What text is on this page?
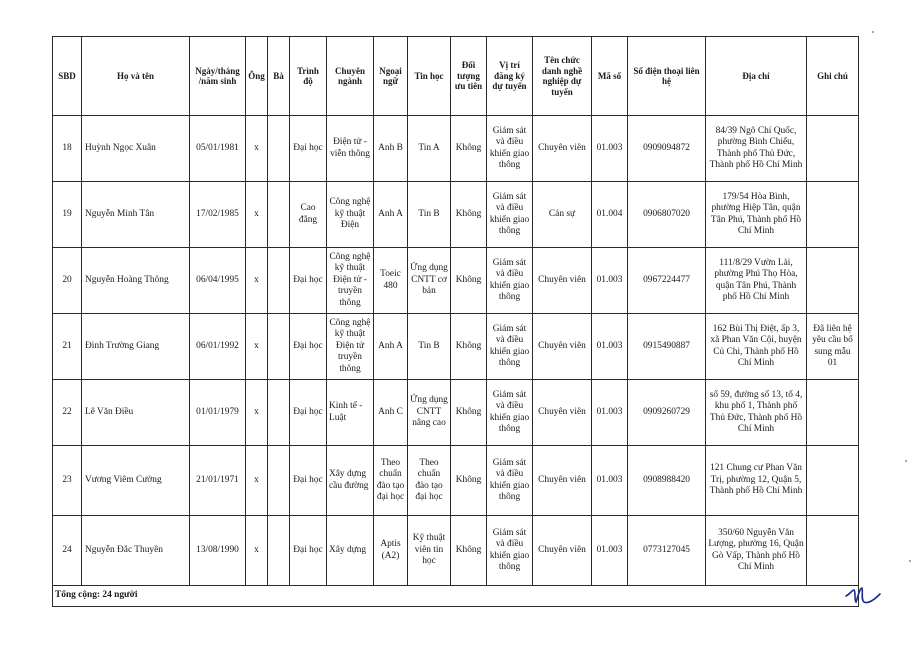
SBD	Họ và tên	Ngày/tháng /năm sinh	Ông	Bà	Trình độ	Chuyên ngành	Ngoại ngữ	Tin học	Đối tượng ưu tiên	Vị trí đăng ký dự tuyển	Tên chức danh nghề nghiệp dự tuyển	Mã số	Số điện thoại liên hệ	Địa chỉ	Ghi chú
18	Huỳnh Ngọc Xuân	05/01/1981	x		Đại học	Điện tử - viễn thông	Anh B	Tin A	Không	Giám sát và điều khiển giao thông	Chuyên viên	01.003	0909094872	84/39 Ngô Chí Quốc, phường Bình Chiểu, Thành phố Thủ Đức, Thành phố Hồ Chí Minh	
19	Nguyễn Minh Tân	17/02/1985	x		Cao đẳng	Công nghệ kỹ thuật Điện	Anh A	Tin B	Không	Giám sát và điều khiển giao thông	Cán sự	01.004	0906807020	179/54 Hòa Bình, phường Hiệp Tân, quận Tân Phú, Thành phố Hồ Chí Minh	
20	Nguyễn Hoàng Thông	06/04/1995	x		Đại học	Công nghệ kỹ thuật Điện tử - truyền thông	Toeic 480	Ứng dụng CNTT cơ bản	Không	Giám sát và điều khiển giao thông	Chuyên viên	01.003	0967224477	111/8/29 Vườn Lài, phường Phú Thọ Hòa, quận Tân Phú, Thành phố Hồ Chí Minh	
21	Đinh Trường Giang	06/01/1992	x		Đại học	Công nghệ kỹ thuật Điện tử truyền thông	Anh A	Tin B	Không	Giám sát và điều khiển giao thông	Chuyên viên	01.003	0915490887	162 Bùi Thị Điệt, ấp 3, xã Phan Văn Cội, huyện Củ Chi, Thành phố Hồ Chí Minh	Đã liên hệ yêu cầu bổ sung mẫu 01
22	Lê Văn Điều	01/01/1979	x		Đại học	Kinh tế - Luật	Anh C	Ứng dụng CNTT nâng cao	Không	Giám sát và điều khiển giao thông	Chuyên viên	01.003	0909260729	số 59, đường số 13, tổ 4, khu phố 1, Thành phố Thủ Đức, Thành phố Hồ Chí Minh	
23	Vương Viêm Cường	21/01/1971	x		Đại học	Xây dựng cầu đường	Theo chuẩn đào tạo đại học	Theo chuẩn đào tạo đại học	Không	Giám sát và điều khiển giao thông	Chuyên viên	01.003	0908988420	121 Chung cư Phan Văn Trị, phường 12, Quận 5, Thành phố Hồ Chí Minh	
24	Nguyễn Đắc Thuyên	13/08/1990	x		Đại học	Xây dựng	Aptis (A2)	Kỹ thuật viên tin học	Không	Giám sát và điều khiển giao thông	Chuyên viên	01.003	0773127045	350/60 Nguyễn Văn Lượng, phường 16, Quận Gò Vấp, Thành phố Hồ Chí Minh	
Tổng cộng: 24 người															
